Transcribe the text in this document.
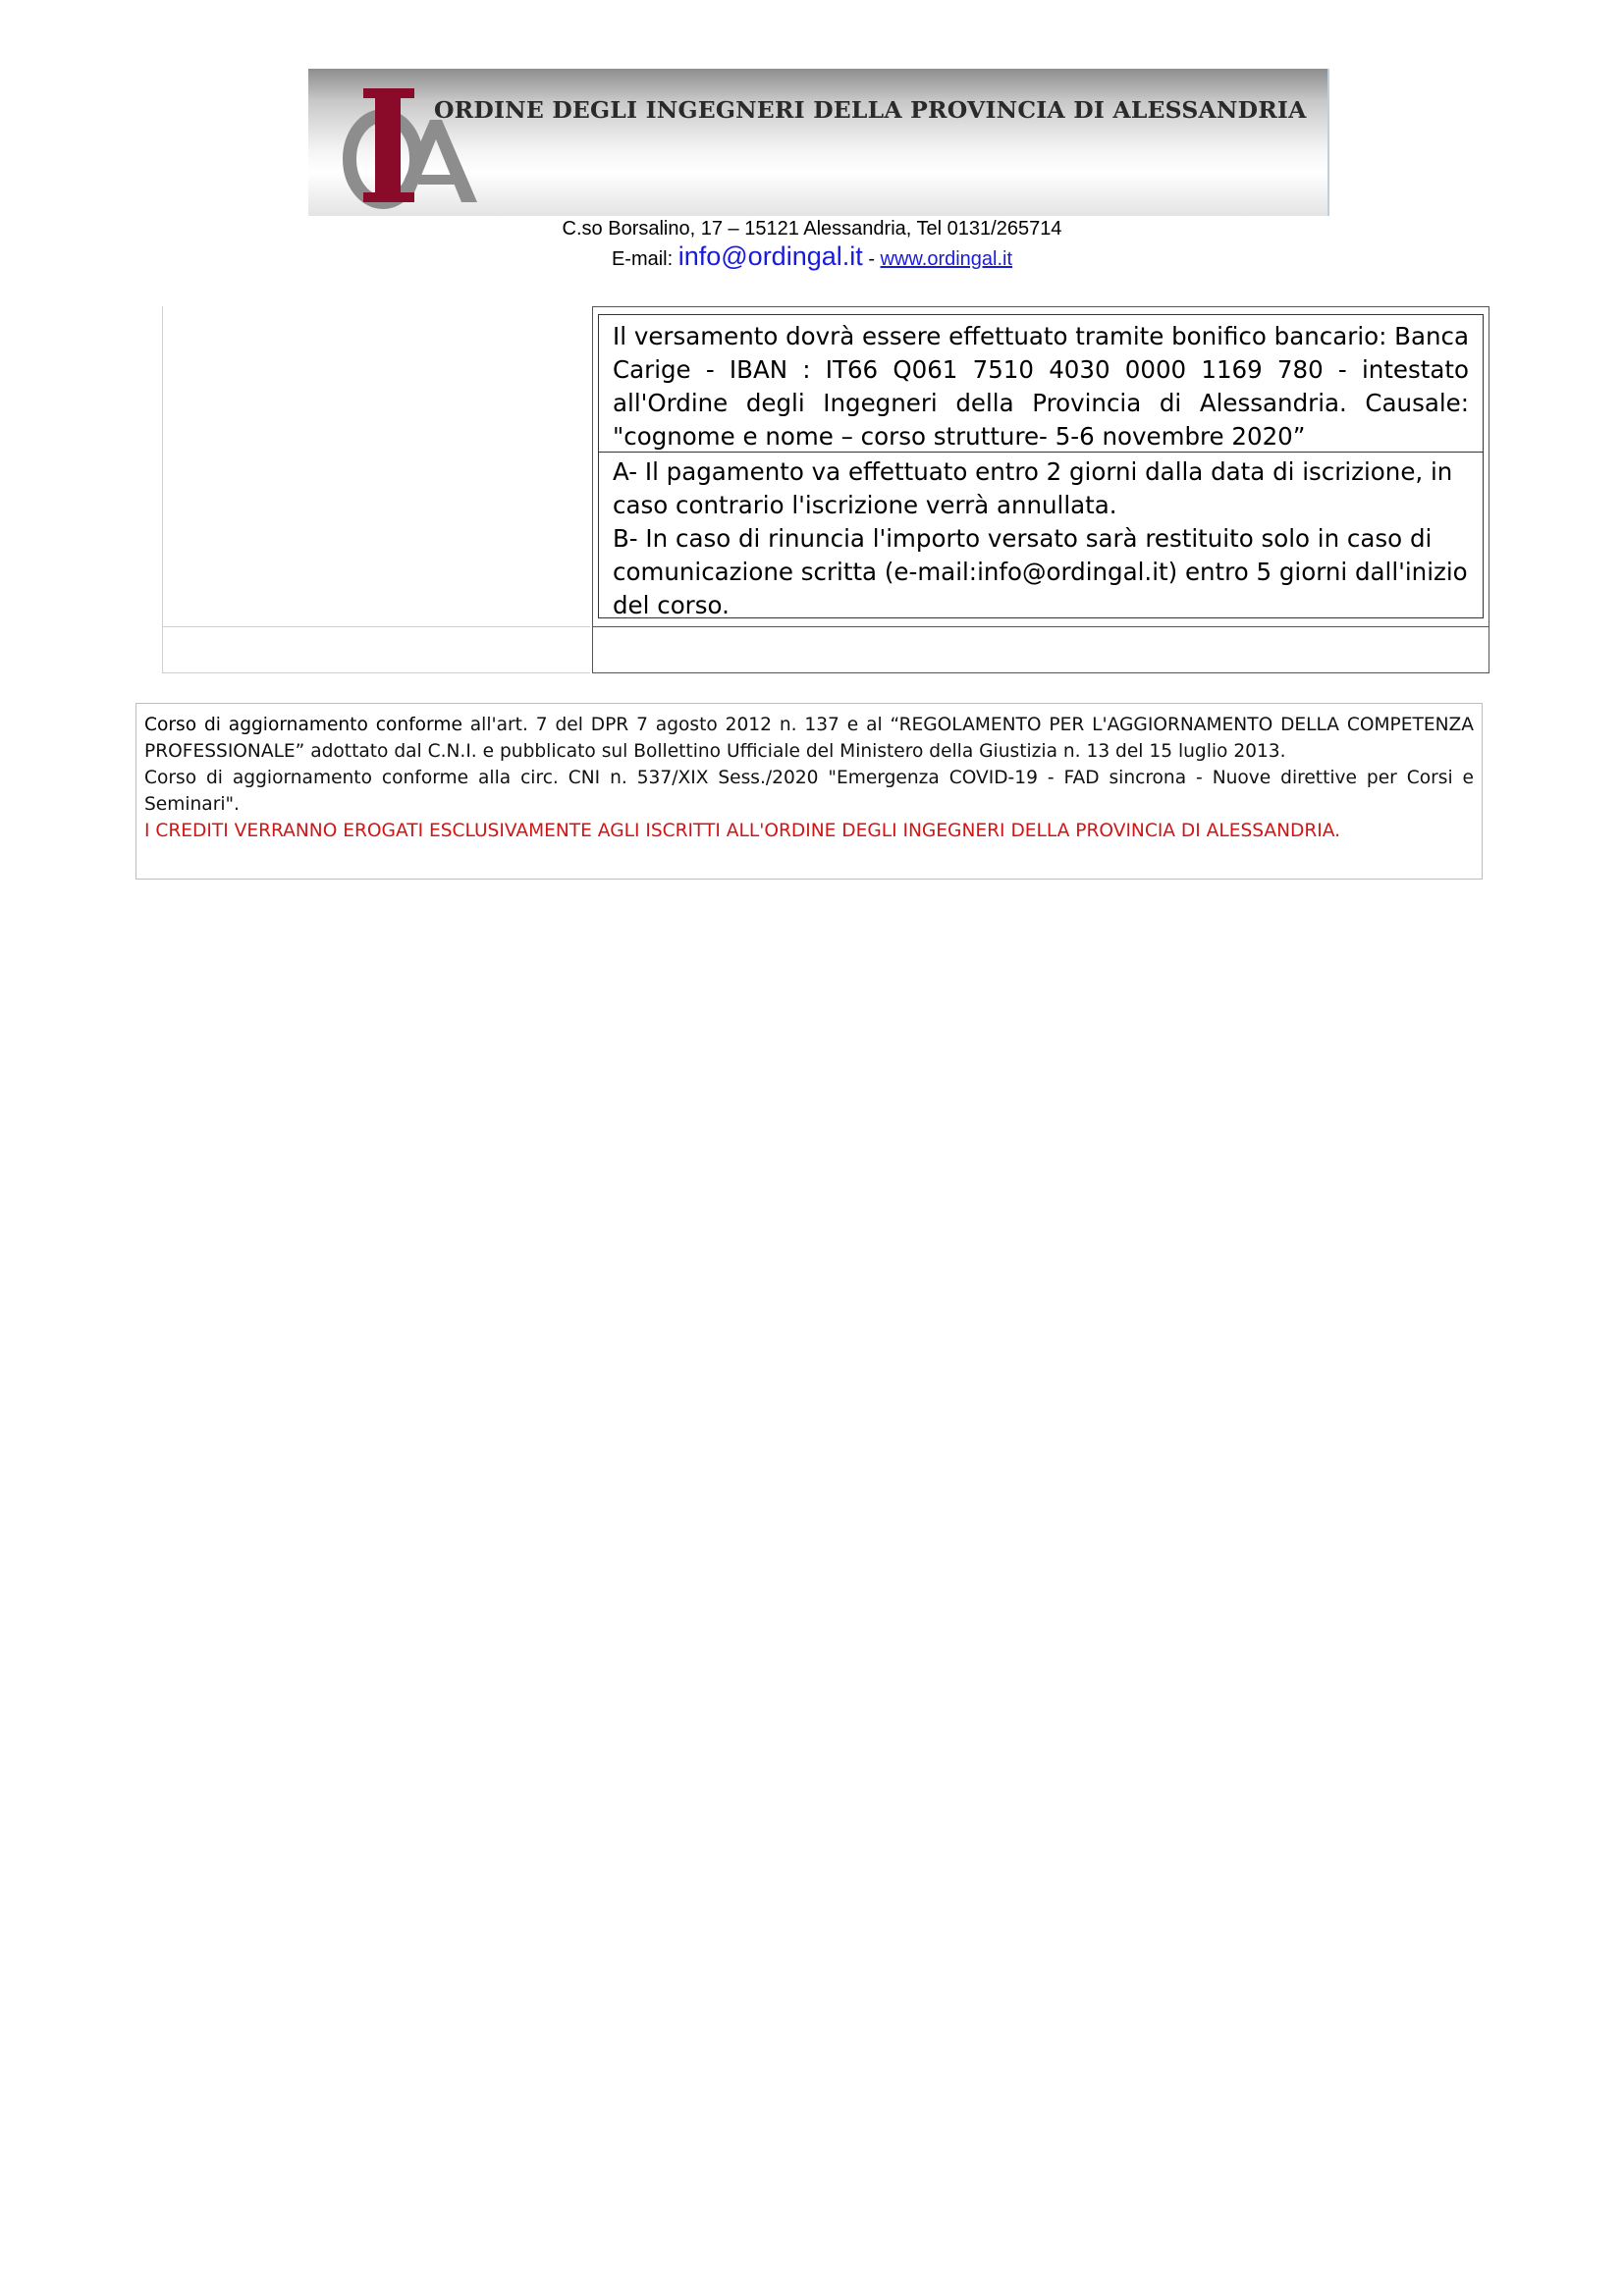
ORDINE DEGLI INGEGNERI DELLA PROVINCIA DI ALESSANDRIA
C.so Borsalino, 17 – 15121 Alessandria, Tel 0131/265714
E-mail: info@ordingal.it - www.ordingal.it
Il versamento dovrà essere effettuato tramite bonifico bancario: Banca Carige - IBAN : IT66 Q061 7510 4030 0000 1169 780 - intestato all'Ordine degli Ingegneri della Provincia di Alessandria. Causale: "cognome e nome – corso strutture- 5-6 novembre 2020”

A- Il pagamento va effettuato entro 2 giorni dalla data di iscrizione, in caso contrario l'iscrizione verrà annullata.

B- In caso di rinuncia l'importo versato sarà restituito solo in caso di comunicazione scritta (e-mail:info@ordingal.it) entro 5 giorni dall'inizio del corso.

Corso di aggiornamento conforme all'art. 7 del DPR 7 agosto 2012 n. 137 e al “REGOLAMENTO PER L'AGGIORNAMENTO DELLA COMPETENZA PROFESSIONALE” adottato dal C.N.I. e pubblicato sul Bollettino Ufficiale del Ministero della Giustizia n. 13 del 15 luglio 2013.

Corso di aggiornamento conforme alla circ. CNI n. 537/XIX Sess./2020 "Emergenza COVID-19 - FAD sincrona - Nuove direttive per Corsi e Seminari".

I CREDITI VERRANNO EROGATI ESCLUSIVAMENTE AGLI ISCRITTI ALL'ORDINE DEGLI INGEGNERI DELLA PROVINCIA DI ALESSANDRIA.
